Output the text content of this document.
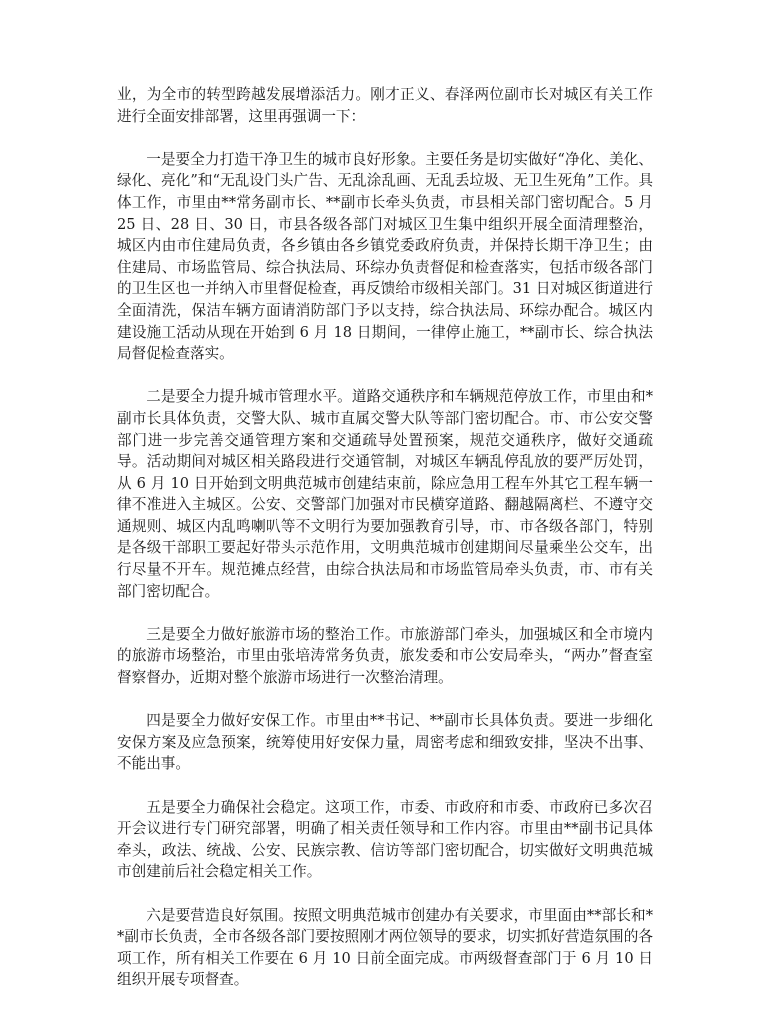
业，为全市的转型跨越发展增添活力。刚才正义、春泽两位副市长对城区有关工作进行全面安排部署，这里再强调一下：

一是要全力打造干净卫生的城市良好形象。主要任务是切实做好“净化、美化、绿化、亮化”和“无乱设门头广告、无乱涂乱画、无乱丢垃圾、无卫生死角”工作。具体工作，市里由**常务副市长、**副市长牵头负责，市县相关部门密切配合。5 月 25 日、28 日、30 日，市县各级各部门对城区卫生集中组织开展全面清理整治，城区内由市住建局负责，各乡镇由各乡镇党委政府负责，并保持长期干净卫生；由住建局、市场监管局、综合执法局、环综办负责督促和检查落实，包括市级各部门的卫生区也一并纳入市里督促检查，再反馈给市级相关部门。31 日对城区街道进行全面清洗，保洁车辆方面请消防部门予以支持，综合执法局、环综办配合。城区内建设施工活动从现在开始到 6 月 18 日期间，一律停止施工，**副市长、综合执法局督促检查落实。

二是要全力提升城市管理水平。道路交通秩序和车辆规范停放工作，市里由和*副市长具体负责，交警大队、城市直属交警大队等部门密切配合。市、市公安交警部门进一步完善交通管理方案和交通疏导处置预案，规范交通秩序，做好交通疏导。活动期间对城区相关路段进行交通管制，对城区车辆乱停乱放的要严厉处罚，从 6 月 10 日开始到文明典范城市创建结束前，除应急用工程车外其它工程车辆一律不准进入主城区。公安、交警部门加强对市民横穿道路、翻越隔离栏、不遵守交通规则、城区内乱鸣喇叭等不文明行为要加强教育引导，市、市各级各部门，特别是各级干部职工要起好带头示范作用，文明典范城市创建期间尽量乘坐公交车，出行尽量不开车。规范摊点经营，由综合执法局和市场监管局牵头负责，市、市有关部门密切配合。

三是要全力做好旅游市场的整治工作。市旅游部门牵头，加强城区和全市境内的旅游市场整治，市里由张培涛常务负责，旅发委和市公安局牵头，“两办”督查室督察督办，近期对整个旅游市场进行一次整治清理。

四是要全力做好安保工作。市里由**书记、**副市长具体负责。要进一步细化安保方案及应急预案，统筹使用好安保力量，周密考虑和细致安排，坚决不出事、不能出事。

五是要全力确保社会稳定。这项工作，市委、市政府和市委、市政府已多次召开会议进行专门研究部署，明确了相关责任领导和工作内容。市里由**副书记具体牵头，政法、统战、公安、民族宗教、信访等部门密切配合，切实做好文明典范城市创建前后社会稳定相关工作。

六是要营造良好氛围。按照文明典范城市创建办有关要求，市里面由**部长和**副市长负责，全市各级各部门要按照刚才两位领导的要求，切实抓好营造氛围的各项工作，所有相关工作要在 6 月 10 日前全面完成。市两级督查部门于 6 月 10 日组织开展专项督查。
